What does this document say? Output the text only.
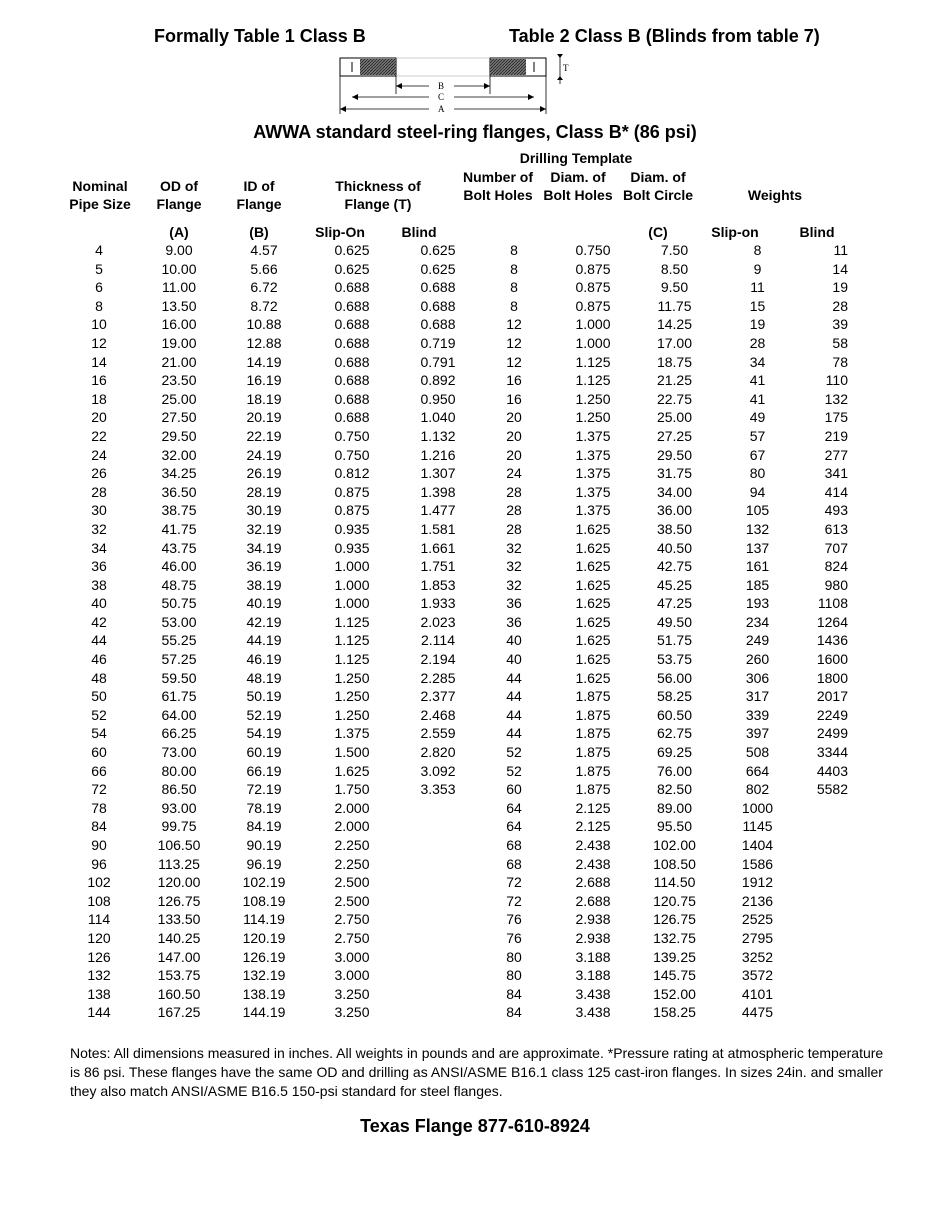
Formally Table 1 Class B	Table 2 Class B (Blinds from table 7)
B
C
A
T
AWWA standard steel-ring flanges, Class B* (86 psi)
Drilling Template
Nominal Pipe Size
OD of Flange
(A)
ID of Flange
(B)
Thickness of Flange (T)
Slip-On	Blind
Number of Bolt Holes
Diam. of Bolt Holes
Diam. of Bolt Circle
(C)
Weights
Slip-on	Blind
4	9.00	4.57	0.625	0.625	8	0.750	7.50	8	11
5	10.00	5.66	0.625	0.625	8	0.875	8.50	9	14
6	11.00	6.72	0.688	0.688	8	0.875	9.50	11	19
8	13.50	8.72	0.688	0.688	8	0.875	11.75	15	28
10	16.00	10.88	0.688	0.688	12	1.000	14.25	19	39
12	19.00	12.88	0.688	0.719	12	1.000	17.00	28	58
14	21.00	14.19	0.688	0.791	12	1.125	18.75	34	78
16	23.50	16.19	0.688	0.892	16	1.125	21.25	41	110
18	25.00	18.19	0.688	0.950	16	1.250	22.75	41	132
20	27.50	20.19	0.688	1.040	20	1.250	25.00	49	175
22	29.50	22.19	0.750	1.132	20	1.375	27.25	57	219
24	32.00	24.19	0.750	1.216	20	1.375	29.50	67	277
26	34.25	26.19	0.812	1.307	24	1.375	31.75	80	341
28	36.50	28.19	0.875	1.398	28	1.375	34.00	94	414
30	38.75	30.19	0.875	1.477	28	1.375	36.00	105	493
32	41.75	32.19	0.935	1.581	28	1.625	38.50	132	613
34	43.75	34.19	0.935	1.661	32	1.625	40.50	137	707
36	46.00	36.19	1.000	1.751	32	1.625	42.75	161	824
38	48.75	38.19	1.000	1.853	32	1.625	45.25	185	980
40	50.75	40.19	1.000	1.933	36	1.625	47.25	193	1108
42	53.00	42.19	1.125	2.023	36	1.625	49.50	234	1264
44	55.25	44.19	1.125	2.114	40	1.625	51.75	249	1436
46	57.25	46.19	1.125	2.194	40	1.625	53.75	260	1600
48	59.50	48.19	1.250	2.285	44	1.625	56.00	306	1800
50	61.75	50.19	1.250	2.377	44	1.875	58.25	317	2017
52	64.00	52.19	1.250	2.468	44	1.875	60.50	339	2249
54	66.25	54.19	1.375	2.559	44	1.875	62.75	397	2499
60	73.00	60.19	1.500	2.820	52	1.875	69.25	508	3344
66	80.00	66.19	1.625	3.092	52	1.875	76.00	664	4403
72	86.50	72.19	1.750	3.353	60	1.875	82.50	802	5582
78	93.00	78.19	2.000		64	2.125	89.00	1000	
84	99.75	84.19	2.000		64	2.125	95.50	1145	
90	106.50	90.19	2.250		68	2.438	102.00	1404	
96	113.25	96.19	2.250		68	2.438	108.50	1586	
102	120.00	102.19	2.500		72	2.688	114.50	1912	
108	126.75	108.19	2.500		72	2.688	120.75	2136	
114	133.50	114.19	2.750		76	2.938	126.75	2525	
120	140.25	120.19	2.750		76	2.938	132.75	2795	
126	147.00	126.19	3.000		80	3.188	139.25	3252	
132	153.75	132.19	3.000		80	3.188	145.75	3572	
138	160.50	138.19	3.250		84	3.438	152.00	4101	
144	167.25	144.19	3.250		84	3.438	158.25	4475	
Notes: All dimensions measured in inches. All weights in pounds and are approximate. *Pressure rating at atmospheric temperature is 86 psi. These flanges have the same OD and drilling as ANSI/ASME B16.1 class 125 cast-iron flanges. In sizes 24in. and smaller they also match ANSI/ASME B16.5 150-psi standard for steel flanges.
Texas Flange 877-610-8924
